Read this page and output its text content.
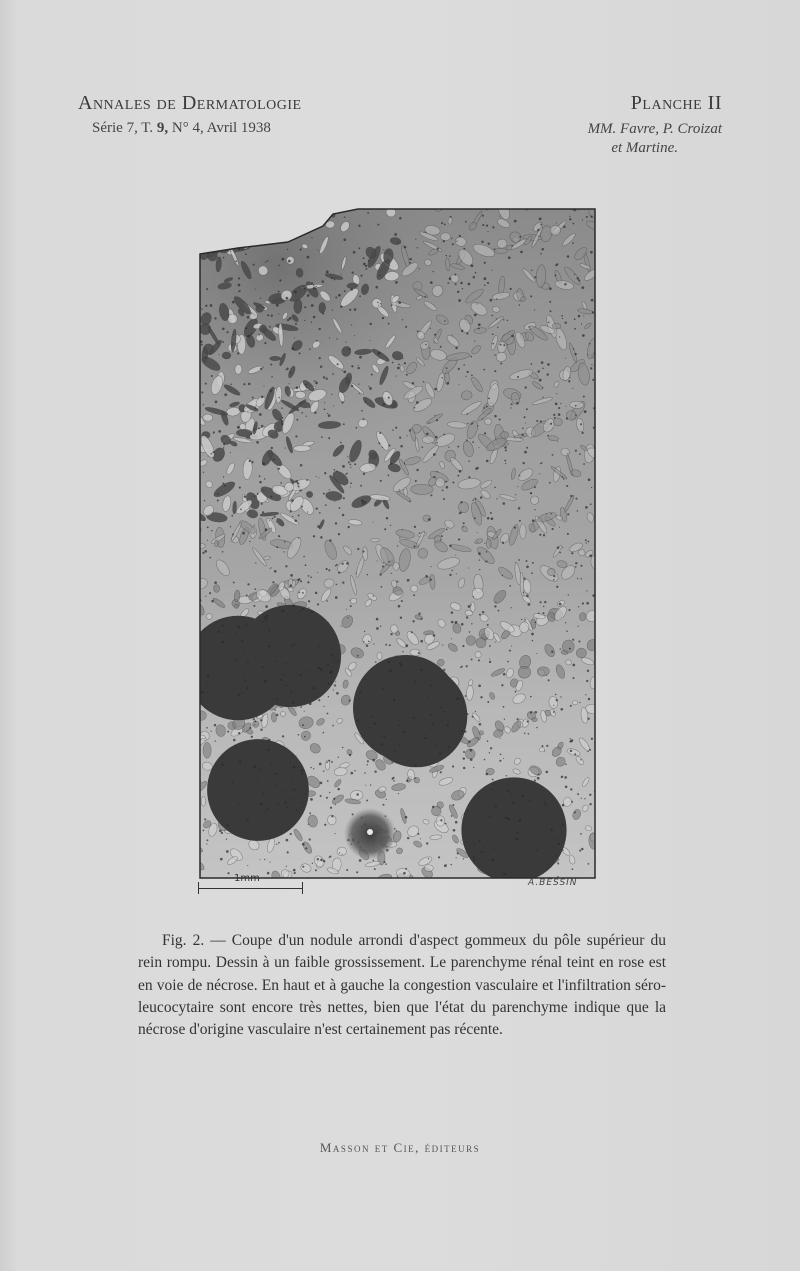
Annales de Dermatologie
Série 7, T. 9, N° 4, Avril 1938
Planche II
MM. Favre, P. Croizat

et Martine.
1mm	A.BESSIN
Fig. 2. — Coupe d'un nodule arrondi d'aspect gommeux du pôle supérieur du rein rompu. Dessin à un faible grossissement. Le parenchyme rénal teint en rose est en voie de nécrose. En haut et à gauche la congestion vasculaire et l'infiltration séro-leucocytaire sont encore très nettes, bien que l'état du parenchyme indique que la nécrose d'origine vasculaire n'est certainement pas récente.
Masson et Cie, éditeurs
